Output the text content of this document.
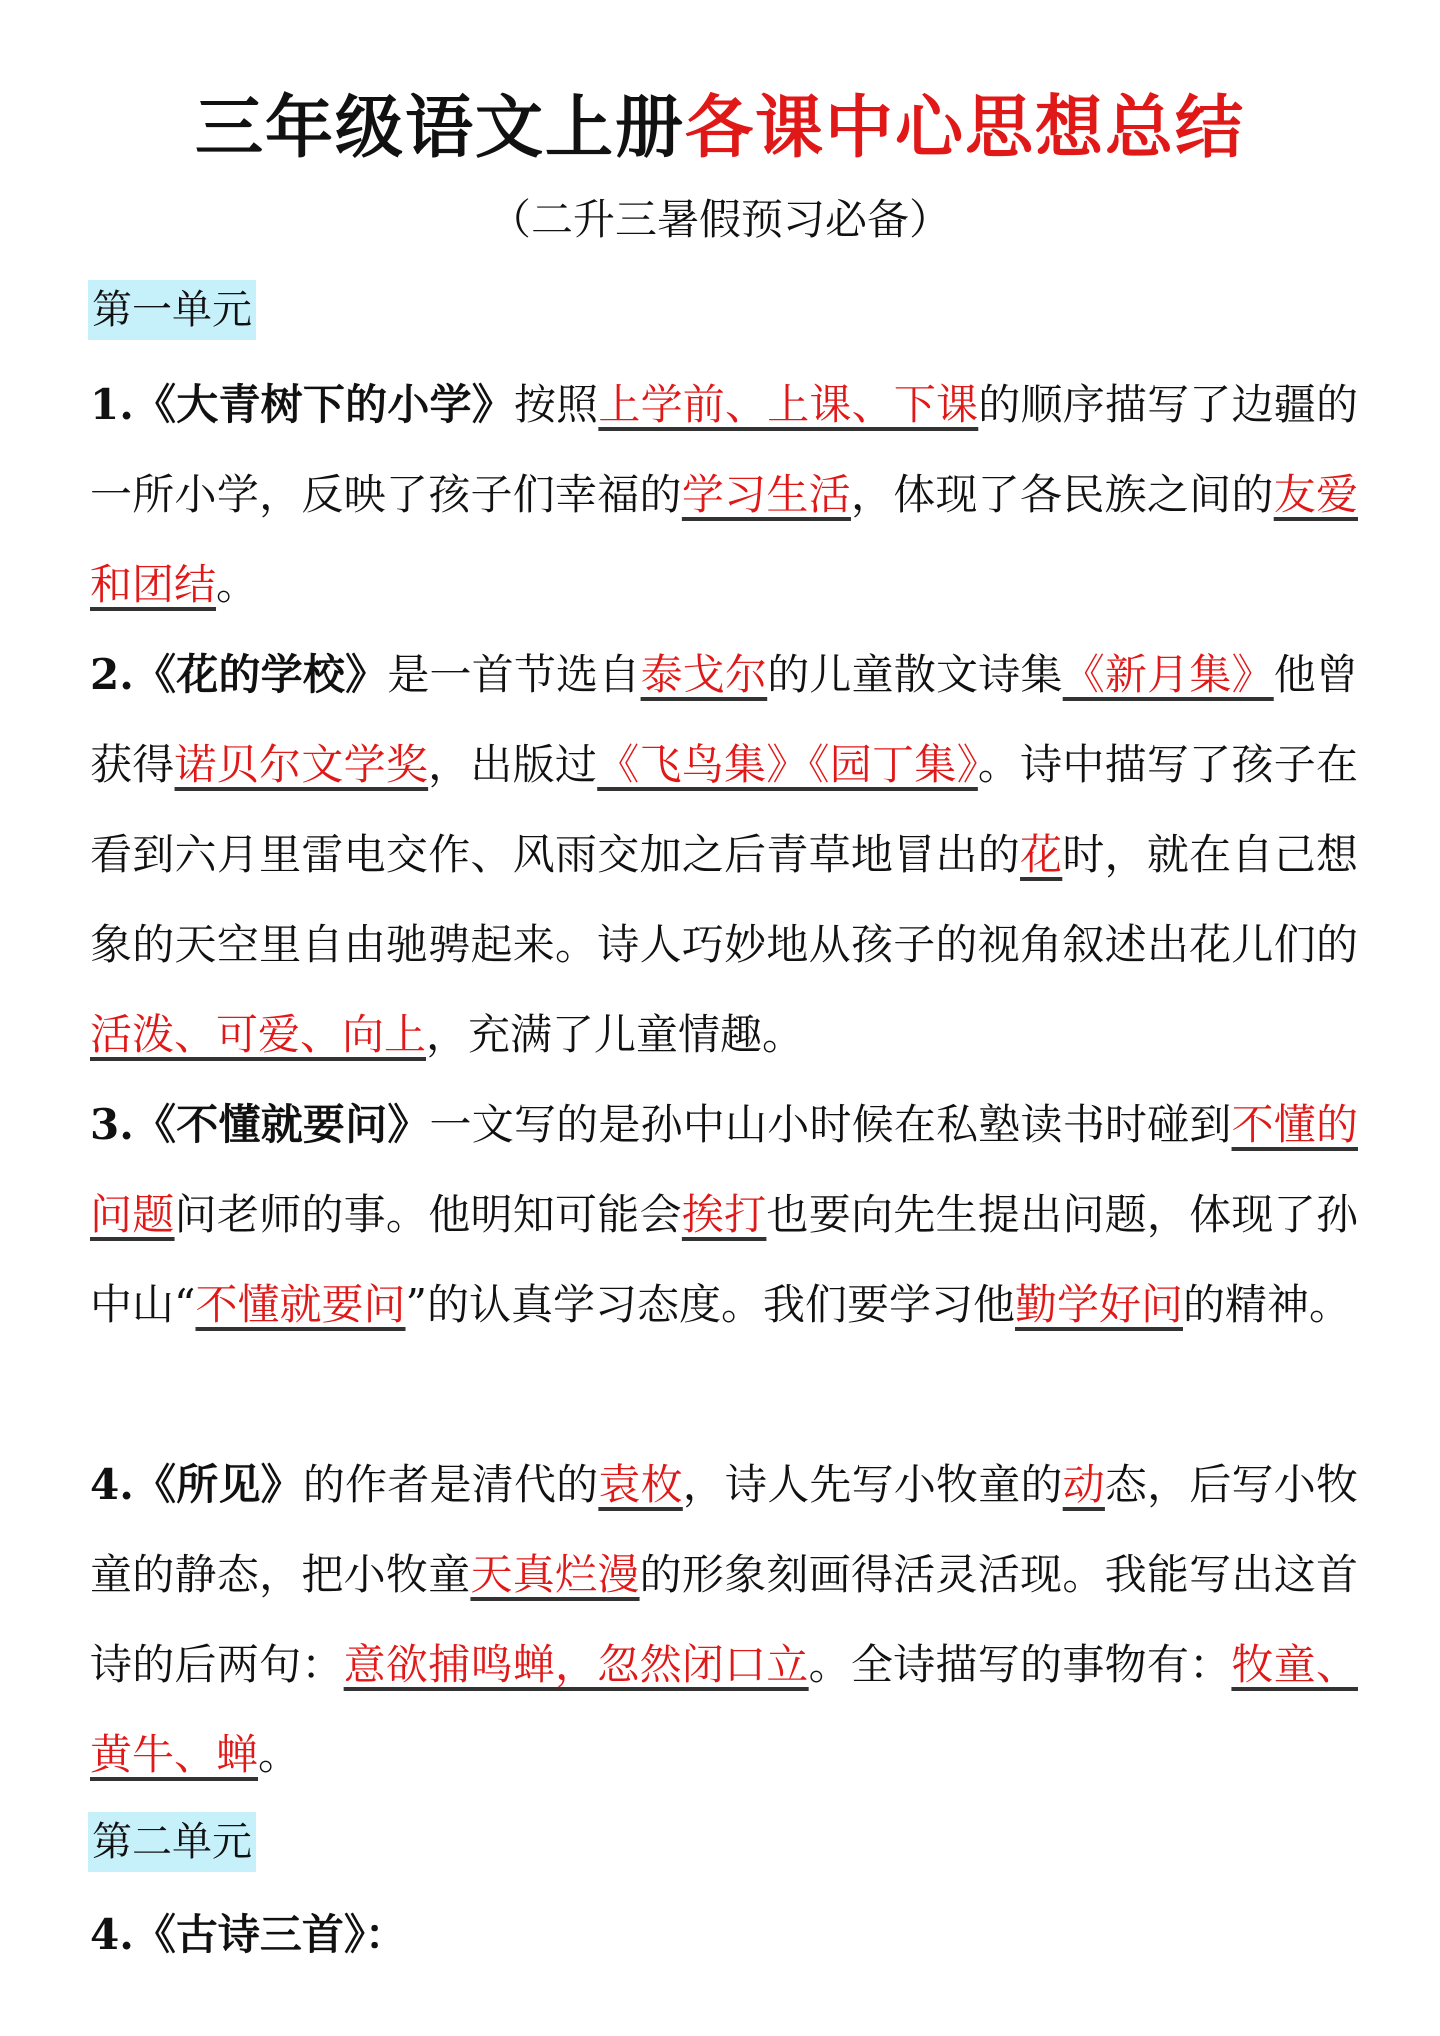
三年级语文上册各课中心思想总结
（二升三暑假预习必备）
第一单元
1.《大青树下的小学》按照上学前、上课、下课的顺序描写了边疆的一所小学，反映了孩子们幸福的学习生活，体现了各民族之间的友爱和团结。
2.《花的学校》是一首节选自泰戈尔的儿童散文诗集《新月集》他曾获得诺贝尔文学奖，出版过《飞鸟集》《园丁集》。诗中描写了孩子在看到六月里雷电交作、风雨交加之后青草地冒出的花时，就在自己想象的天空里自由驰骋起来。诗人巧妙地从孩子的视角叙述出花儿们的活泼、可爱、向上，充满了儿童情趣。
3.《不懂就要问》一文写的是孙中山小时候在私塾读书时碰到不懂的问题问老师的事。他明知可能会挨打也要向先生提出问题，体现了孙中山“不懂就要问”的认真学习态度。我们要学习他勤学好问的精神。
4.《所见》的作者是清代的袁枚，诗人先写小牧童的动态，后写小牧童的静态，把小牧童天真烂漫的形象刻画得活灵活现。我能写出这首诗的后两句：意欲捕鸣蝉，忽然闭口立。全诗描写的事物有：牧童、黄牛、蝉。
第二单元
4.《古诗三首》：
